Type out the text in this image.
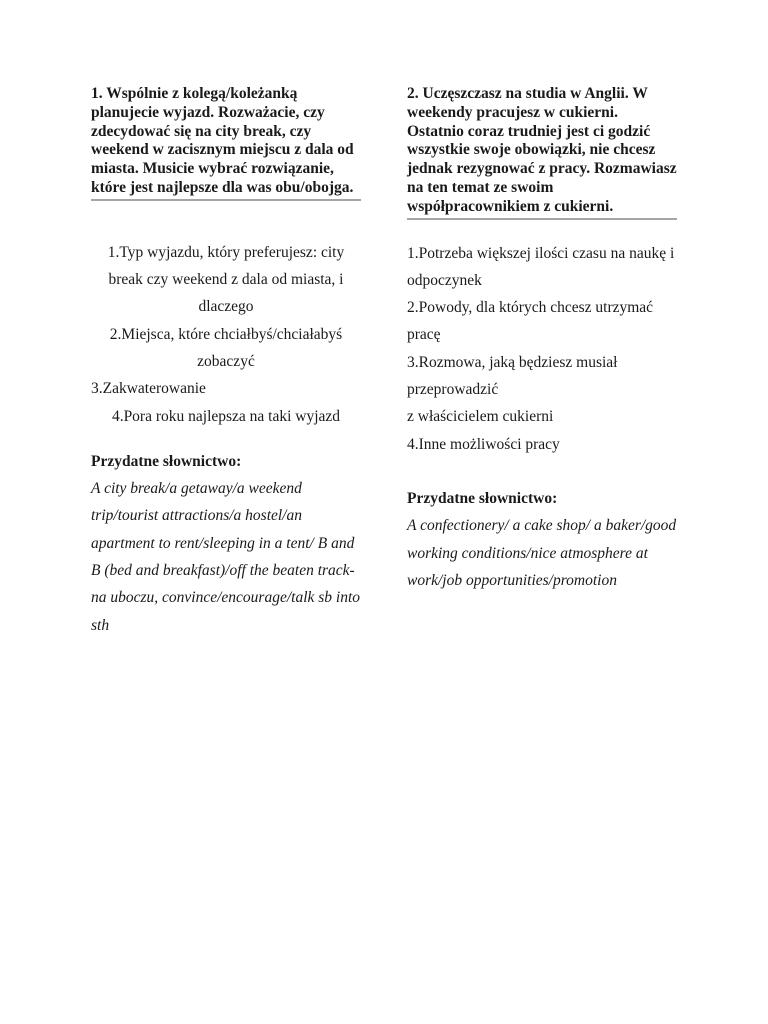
1. Wspólnie z kolegą/koleżanką planujecie wyjazd. Rozważacie, czy zdecydować się na city break, czy weekend w zacisznym miejscu z dala od miasta. Musicie wybrać rozwiązanie, które jest najlepsze dla was obu/obojga.

1.Typ wyjazdu, który preferujesz: city break czy weekend z dala od miasta, i dlaczego
2.Miejsca, które chciałbyś/chciałabyś zobaczyć
3.Zakwaterowanie
4.Pora roku najlepsza na taki wyjazd

Przydatne słownictwo:

A city break/a getaway/a weekend trip/tourist attractions/a hostel/an apartment to rent/sleeping in a tent/ B and B (bed and breakfast)/off the beaten track-na uboczu, convince/encourage/talk sb into sth

2. Uczęszczasz na studia w Anglii. W weekendy pracujesz w cukierni. Ostatnio coraz trudniej jest ci godzić wszystkie swoje obowiązki, nie chcesz jednak rezygnować z pracy. Rozmawiasz na ten temat ze swoim współpracownikiem z cukierni.

1.Potrzeba większej ilości czasu na naukę i odpoczynek
2.Powody, dla których chcesz utrzymać pracę
3.Rozmowa, jaką będziesz musiał przeprowadzić
z właścicielem cukierni
4.Inne możliwości pracy

Przydatne słownictwo:

A confectionery/ a cake shop/ a baker/good working conditions/nice atmosphere at work/job opportunities/promotion
